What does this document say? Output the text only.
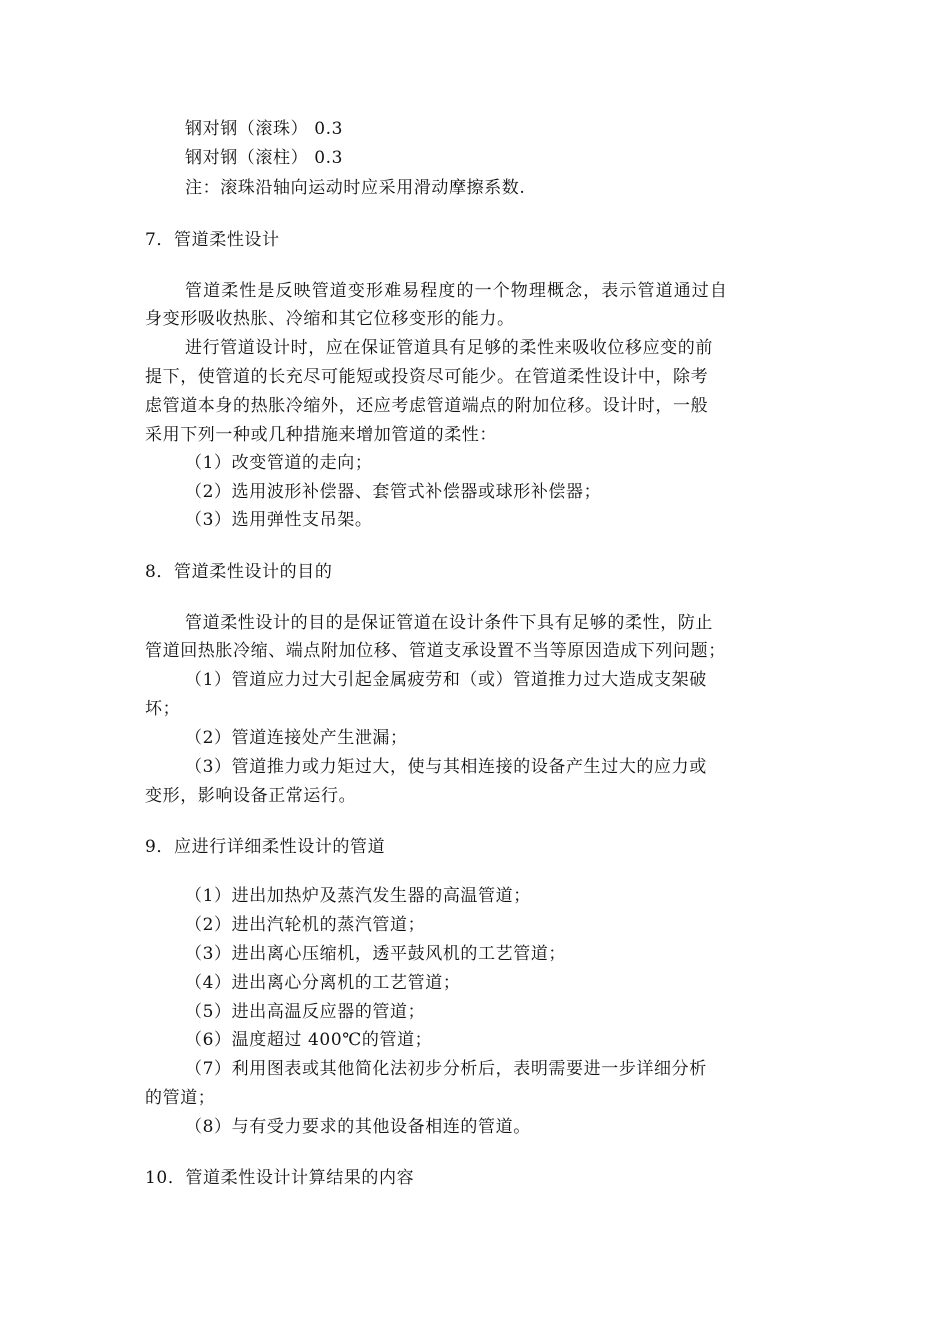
钢对钢（滚珠） 0.3
钢对钢（滚柱） 0.3
注：滚珠沿轴向运动时应采用滑动摩擦系数.
7．管道柔性设计
管道柔性是反映管道变形难易程度的一个物理概念，表示管道通过自
身变形吸收热胀、冷缩和其它位移变形的能力。
进行管道设计时，应在保证管道具有足够的柔性来吸收位移应变的前
提下，使管道的长充尽可能短或投资尽可能少。在管道柔性设计中，除考
虑管道本身的热胀冷缩外，还应考虑管道端点的附加位移。设计时，一般
采用下列一种或几种措施来增加管道的柔性：
（1）改变管道的走向；
（2）选用波形补偿器、套管式补偿器或球形补偿器；
（3）选用弹性支吊架。
8．管道柔性设计的目的
管道柔性设计的目的是保证管道在设计条件下具有足够的柔性，防止
管道回热胀冷缩、端点附加位移、管道支承设置不当等原因造成下列问题；
（1）管道应力过大引起金属疲劳和（或）管道推力过大造成支架破
坏；
（2）管道连接处产生泄漏；
（3）管道推力或力矩过大，使与其相连接的设备产生过大的应力或
变形，影响设备正常运行。
9．应进行详细柔性设计的管道
（1）进出加热炉及蒸汽发生器的高温管道；
（2）进出汽轮机的蒸汽管道；
（3）进出离心压缩机，透平鼓风机的工艺管道；
（4）进出离心分离机的工艺管道；
（5）进出高温反应器的管道；
（6）温度超过 400℃的管道；
（7）利用图表或其他简化法初步分析后，表明需要进一步详细分析
的管道；
（8）与有受力要求的其他设备相连的管道。
10．管道柔性设计计算结果的内容
